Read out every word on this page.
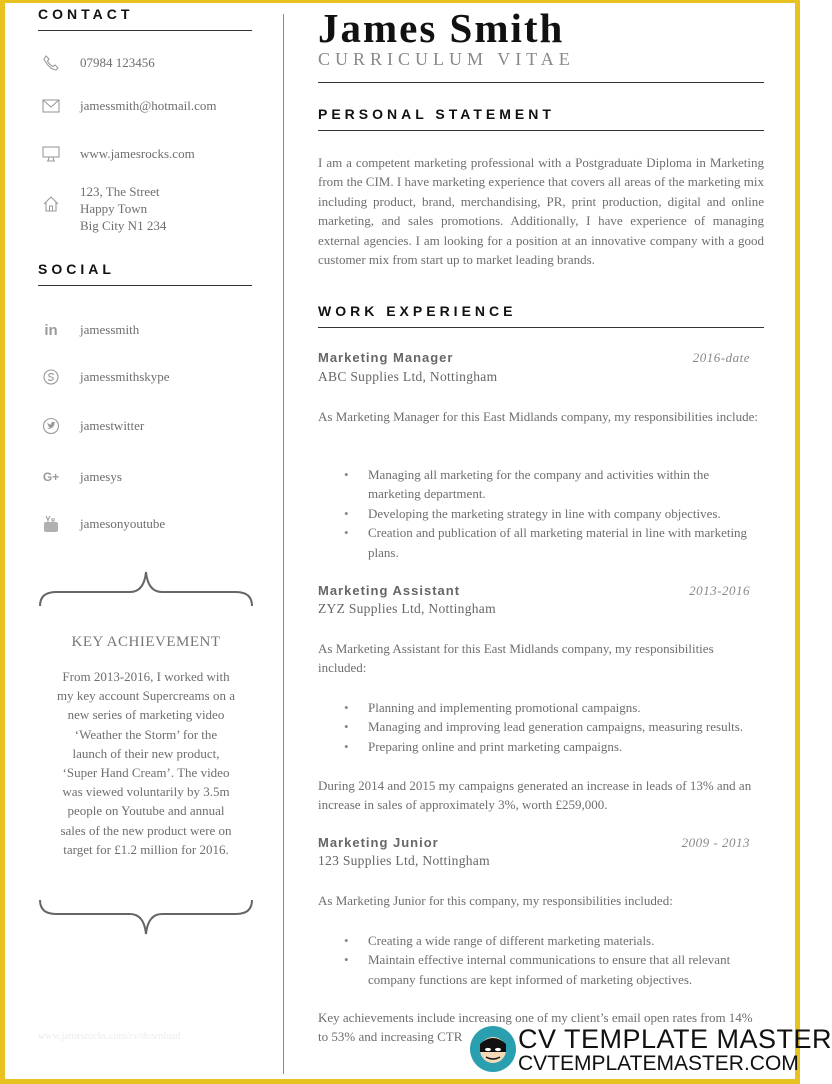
CONTACT
07984 123456
jamessmith@hotmail.com
www.jamesrocks.com
123, The Street
Happy Town
Big City N1 234
SOCIAL
in	jamessmith
jamessmithskype
jamestwitter
G+ jamesys
jamesonyoutube
KEY ACHIEVEMENT
From 2013-2016, I worked with my key account Supercreams on a new series of marketing video ‘Weather the Storm’ for the launch of their new product, ‘Super Hand Cream’. The video was viewed voluntarily by 3.5m people on Youtube and annual sales of the new product were on target for £1.2 million for 2016.
www.jamesrocks.com/cv/download
James Smith
CURRICULUM VITAE
PERSONAL STATEMENT
I am a competent marketing professional with a Postgraduate Diploma in Marketing from the CIM. I have marketing experience that covers all areas of the marketing mix including product, brand, merchandising, PR, print production, digital and online marketing, and sales promotions. Additionally, I have experience of managing external agencies. I am looking for a position at an innovative company with a good customer mix from start up to market leading brands.
WORK EXPERIENCE
Marketing Manager	2016-date
ABC Supplies Ltd, Nottingham
As Marketing Manager for this East Midlands company, my responsibilities include:
• Managing all marketing for the company and activities within the marketing department.
• Developing the marketing strategy in line with company objectives.
• Creation and publication of all marketing material in line with marketing plans.
Marketing Assistant	2013-2016
ZYZ Supplies Ltd, Nottingham
As Marketing Assistant for this East Midlands company, my responsibilities included:
• Planning and implementing promotional campaigns.
• Managing and improving lead generation campaigns, measuring results.
• Preparing online and print marketing campaigns.
During 2014 and 2015 my campaigns generated an increase in leads of 13% and an increase in sales of approximately 3%, worth £259,000.
Marketing Junior	2009 - 2013
123 Supplies Ltd, Nottingham
As Marketing Junior for this company, my responsibilities included:
• Creating a wide range of different marketing materials.
• Maintain effective internal communications to ensure that all relevant company functions are kept informed of marketing objectives.
Key achievements include increasing one of my client’s email open rates from 14% to 53% and increasing CTR	CV TEMPLATE MASTER
CVTEMPLATEMASTER.COM
